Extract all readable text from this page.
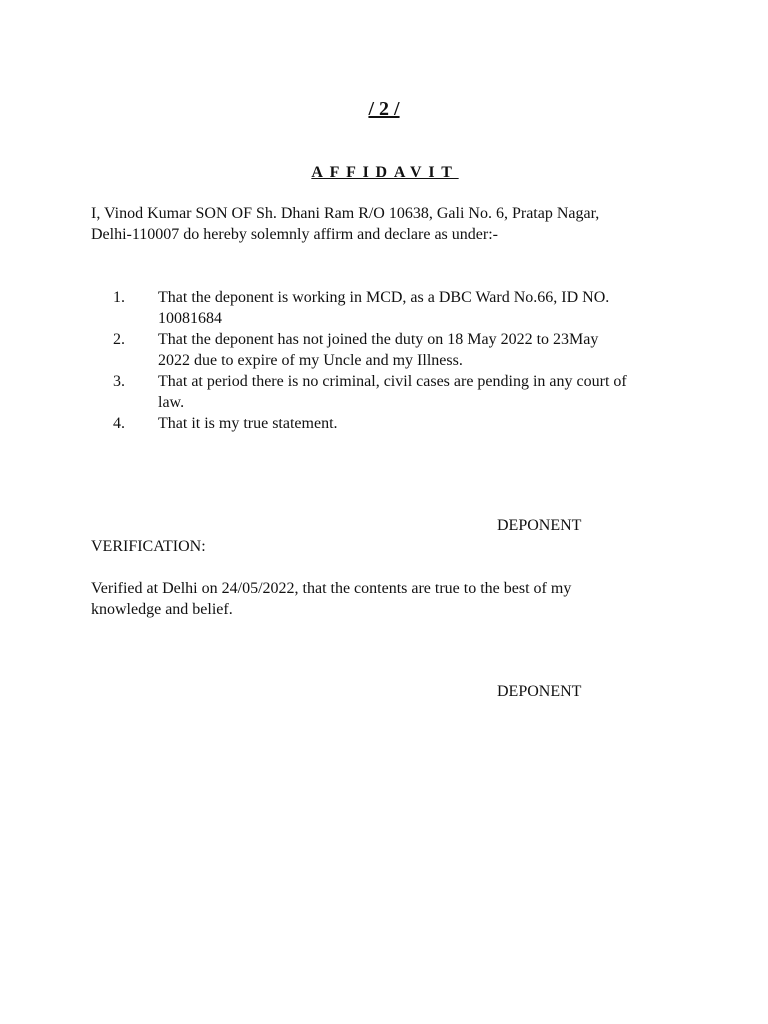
/ 2 /

AFFIDAVIT

I, Vinod Kumar SON OF Sh. Dhani Ram R/O 10638, Gali No. 6, Pratap Nagar,
Delhi-110007 do hereby solemnly affirm and declare as under:-

1.	That the deponent is working in MCD, as a DBC Ward No.66, ID NO.
10081684
2.	That the deponent has not joined the duty on 18 May 2022 to 23May
2022 due to expire of my Uncle and my Illness.
3.	That at period there is no criminal, civil cases are pending in any court of
law.
4.	That it is my true statement.

DEPONENT

VERIFICATION:

Verified at Delhi on 24/05/2022, that the contents are true to the best of my
knowledge and belief.

DEPONENT
